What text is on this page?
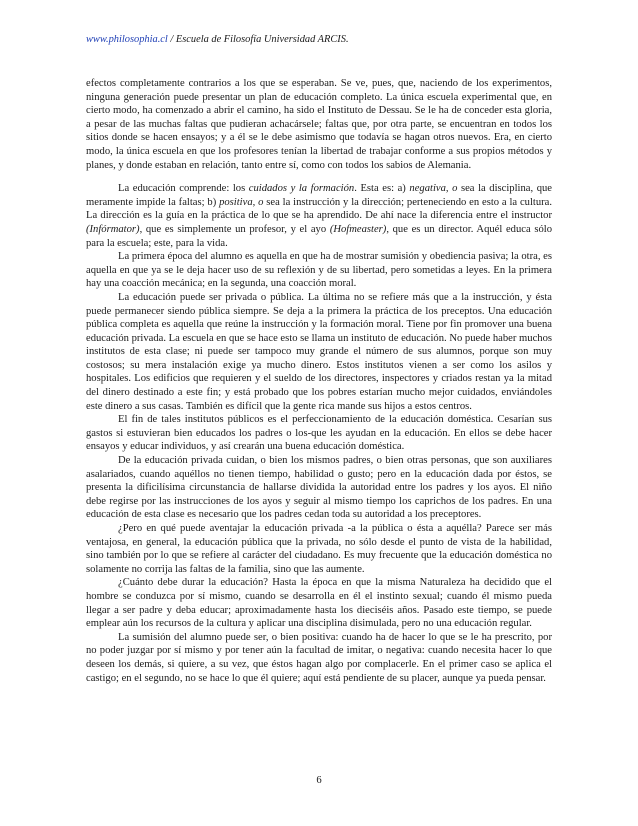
www.philosophia.cl / Escuela de Filosofía Universidad ARCIS.

efectos completamente contrarios a los que se esperaban. Se ve, pues, que, naciendo de los experimentos, ninguna generación puede presentar un plan de educación completo. La única escuela experimental que, en cierto modo, ha comenzado a abrir el camino, ha sido el Instituto de Dessau. Se le ha de conceder esta gloria, a pesar de las muchas faltas que pudieran achacársele; faltas que, por otra parte, se encuentran en todos los sitios donde se hacen ensayos; y a él se le debe asimismo que todavía se hagan otros nuevos. Era, en cierto modo, la única escuela en que los profesores tenían la libertad de trabajar conforme a sus propios métodos y planes, y donde estaban en relación, tanto entre sí, como con todos los sabios de Alemania.

La educación comprende: los cuidados y la formación. Esta es: a) negativa, o sea la disciplina, que meramente impide la faltas; b) positiva, o sea la instrucción y la dirección; perteneciendo en esto a la cultura. La dirección es la guía en la práctica de lo que se ha aprendido. De ahí nace la diferencia entre el instructor (Infórmator), que es simplemente un profesor, y el ayo (Hofmeaster), que es un director. Aquél educa sólo para la escuela; este, para la vida.

La primera época del alumno es aquella en que ha de mostrar sumisión y obediencia pasiva; la otra, es aquella en que ya se le deja hacer uso de su reflexión y de su libertad, pero sometidas a leyes. En la primera hay una coacción mecánica; en la segunda, una coacción moral.

La educación puede ser privada o pública. La última no se refiere más que a la instrucción, y ésta puede permanecer siendo pública siempre. Se deja a la primera la práctica de los preceptos. Una educación pública completa es aquella que reúne la instrucción y la formación moral. Tiene por fin promover una buena educación privada. La escuela en que se hace esto se llama un instituto de educación. No puede haber muchos institutos de esta clase; ni puede ser tampoco muy grande el número de sus alumnos, porque son muy costosos; su mera instalación exige ya mucho dinero. Estos institutos vienen a ser como los asilos y hospitales. Los edificios que requieren y el sueldo de los directores, inspectores y criados restan ya la mitad del dinero destinado a este fin; y está probado que los pobres estarían mucho mejor cuidados, enviándoles este dinero a sus casas. También es difícil que la gente rica mande sus hijos a estos centros.

El fin de tales institutos públicos es el perfeccionamiento de la educación doméstica. Cesarían sus gastos si estuvieran bien educados los padres o los-que les ayudan en la educación. En ellos se debe hacer ensayos y educar individuos, y así crearán una buena educación doméstica.

De la educación privada cuidan, o bien los mismos padres, o bien otras personas, que son auxiliares asalariados, cuando aquéllos no tienen tiempo, habilidad o gusto; pero en la educación dada por éstos, se presenta la dificilísima circunstancia de hallarse dividida la autoridad entre los padres y los ayos. El niño debe regirse por las instrucciones de los ayos y seguir al mismo tiempo los caprichos de los padres. En una educación de esta clase es necesario que los padres cedan toda su autoridad a los preceptores.

¿Pero en qué puede aventajar la educación privada -a la pública o ésta a aquélla? Parece ser más ventajosa, en general, la educación pública que la privada, no sólo desde el punto de vista de la habilidad, sino también por lo que se refiere al carácter del ciudadano. Es muy frecuente que la educación doméstica no solamente no corrija las faltas de la familia, sino que las aumente.

¿Cuánto debe durar la educación? Hasta la época en que la misma Naturaleza ha decidido que el hombre se conduzca por sí mismo, cuando se desarrolla en él el instinto sexual; cuando él mismo pueda llegar a ser padre y deba educar; aproximadamente hasta los dieciséis años. Pasado este tiempo, se puede emplear aún los recursos de la cultura y aplicar una disciplina disimulada, pero no una educación regular.

La sumisión del alumno puede ser, o bien positiva: cuando ha de hacer lo que se le ha prescrito, por no poder juzgar por sí mismo y por tener aún la facultad de imitar, o negativa: cuando necesita hacer lo que deseen los demás, si quiere, a su vez, que éstos hagan algo por complacerle. En el primer caso se aplica el castigo; en el segundo, no se hace lo que él quiere; aquí está pendiente de su placer, aunque ya pueda pensar.

6
